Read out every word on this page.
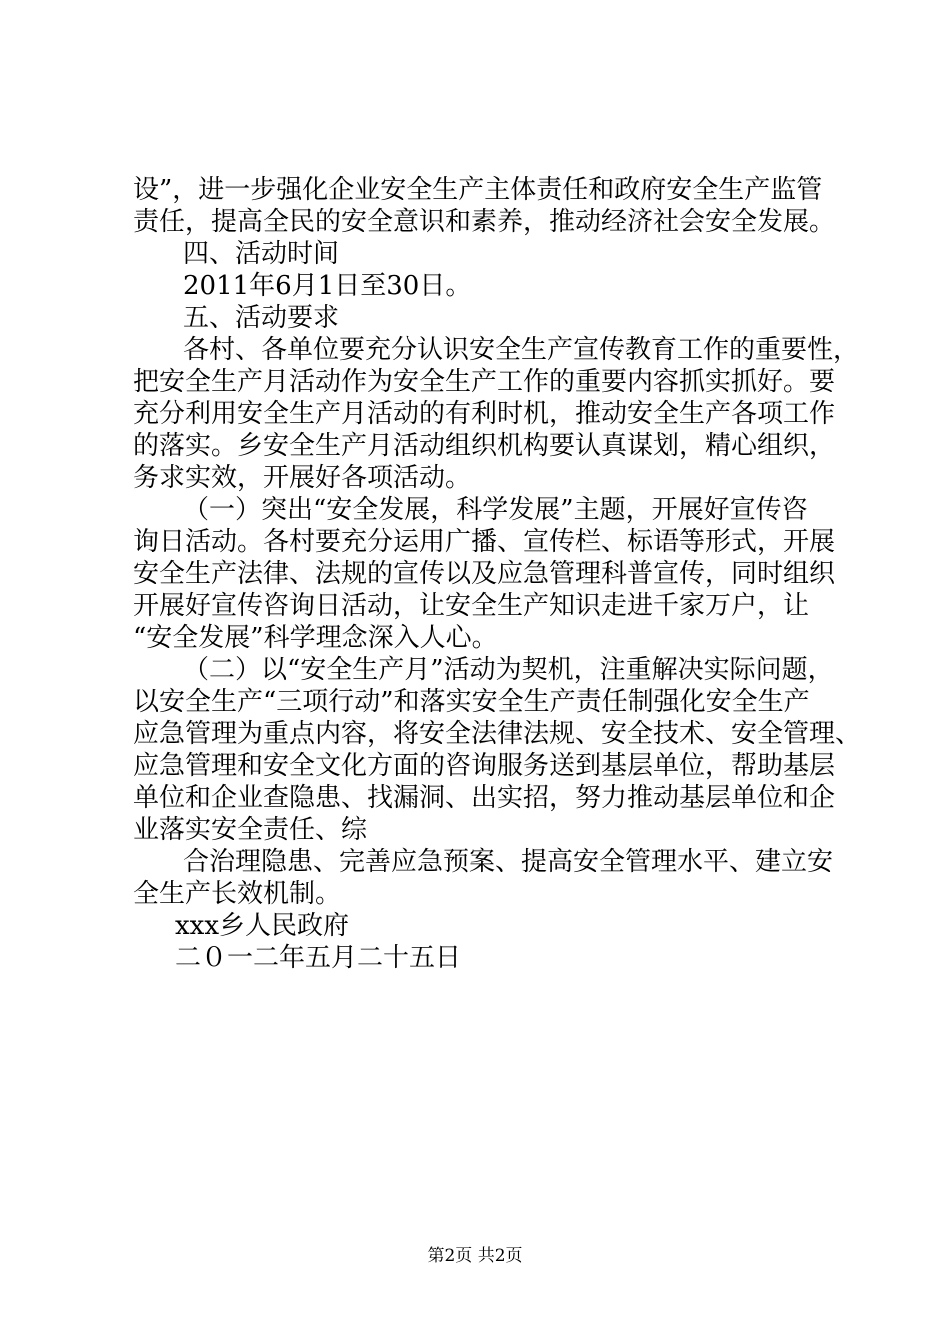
设”，进一步强化企业安全生产主体责任和政府安全生产监管
责任，提高全民的安全意识和素养，推动经济社会安全发展。
四、活动时间
2011年6月1日至30日。
五、活动要求
各村、各单位要充分认识安全生产宣传教育工作的重要性，
把安全生产月活动作为安全生产工作的重要内容抓实抓好。要
充分利用安全生产月活动的有利时机，推动安全生产各项工作
的落实。乡安全生产月活动组织机构要认真谋划，精心组织，
务求实效，开展好各项活动。
（一）突出“安全发展，科学发展”主题，开展好宣传咨
询日活动。各村要充分运用广播、宣传栏、标语等形式，开展
安全生产法律、法规的宣传以及应急管理科普宣传，同时组织
开展好宣传咨询日活动，让安全生产知识走进千家万户，让
“安全发展”科学理念深入人心。
（二）以“安全生产月”活动为契机，注重解决实际问题，
以安全生产“三项行动”和落实安全生产责任制强化安全生产
应急管理为重点内容，将安全法律法规、安全技术、安全管理、
应急管理和安全文化方面的咨询服务送到基层单位，帮助基层
单位和企业查隐患、找漏洞、出实招，努力推动基层单位和企
业落实安全责任、综
合治理隐患、完善应急预案、提高安全管理水平、建立安
全生产长效机制。
xxx乡人民政府
二０一二年五月二十五日
第2页 共2页
